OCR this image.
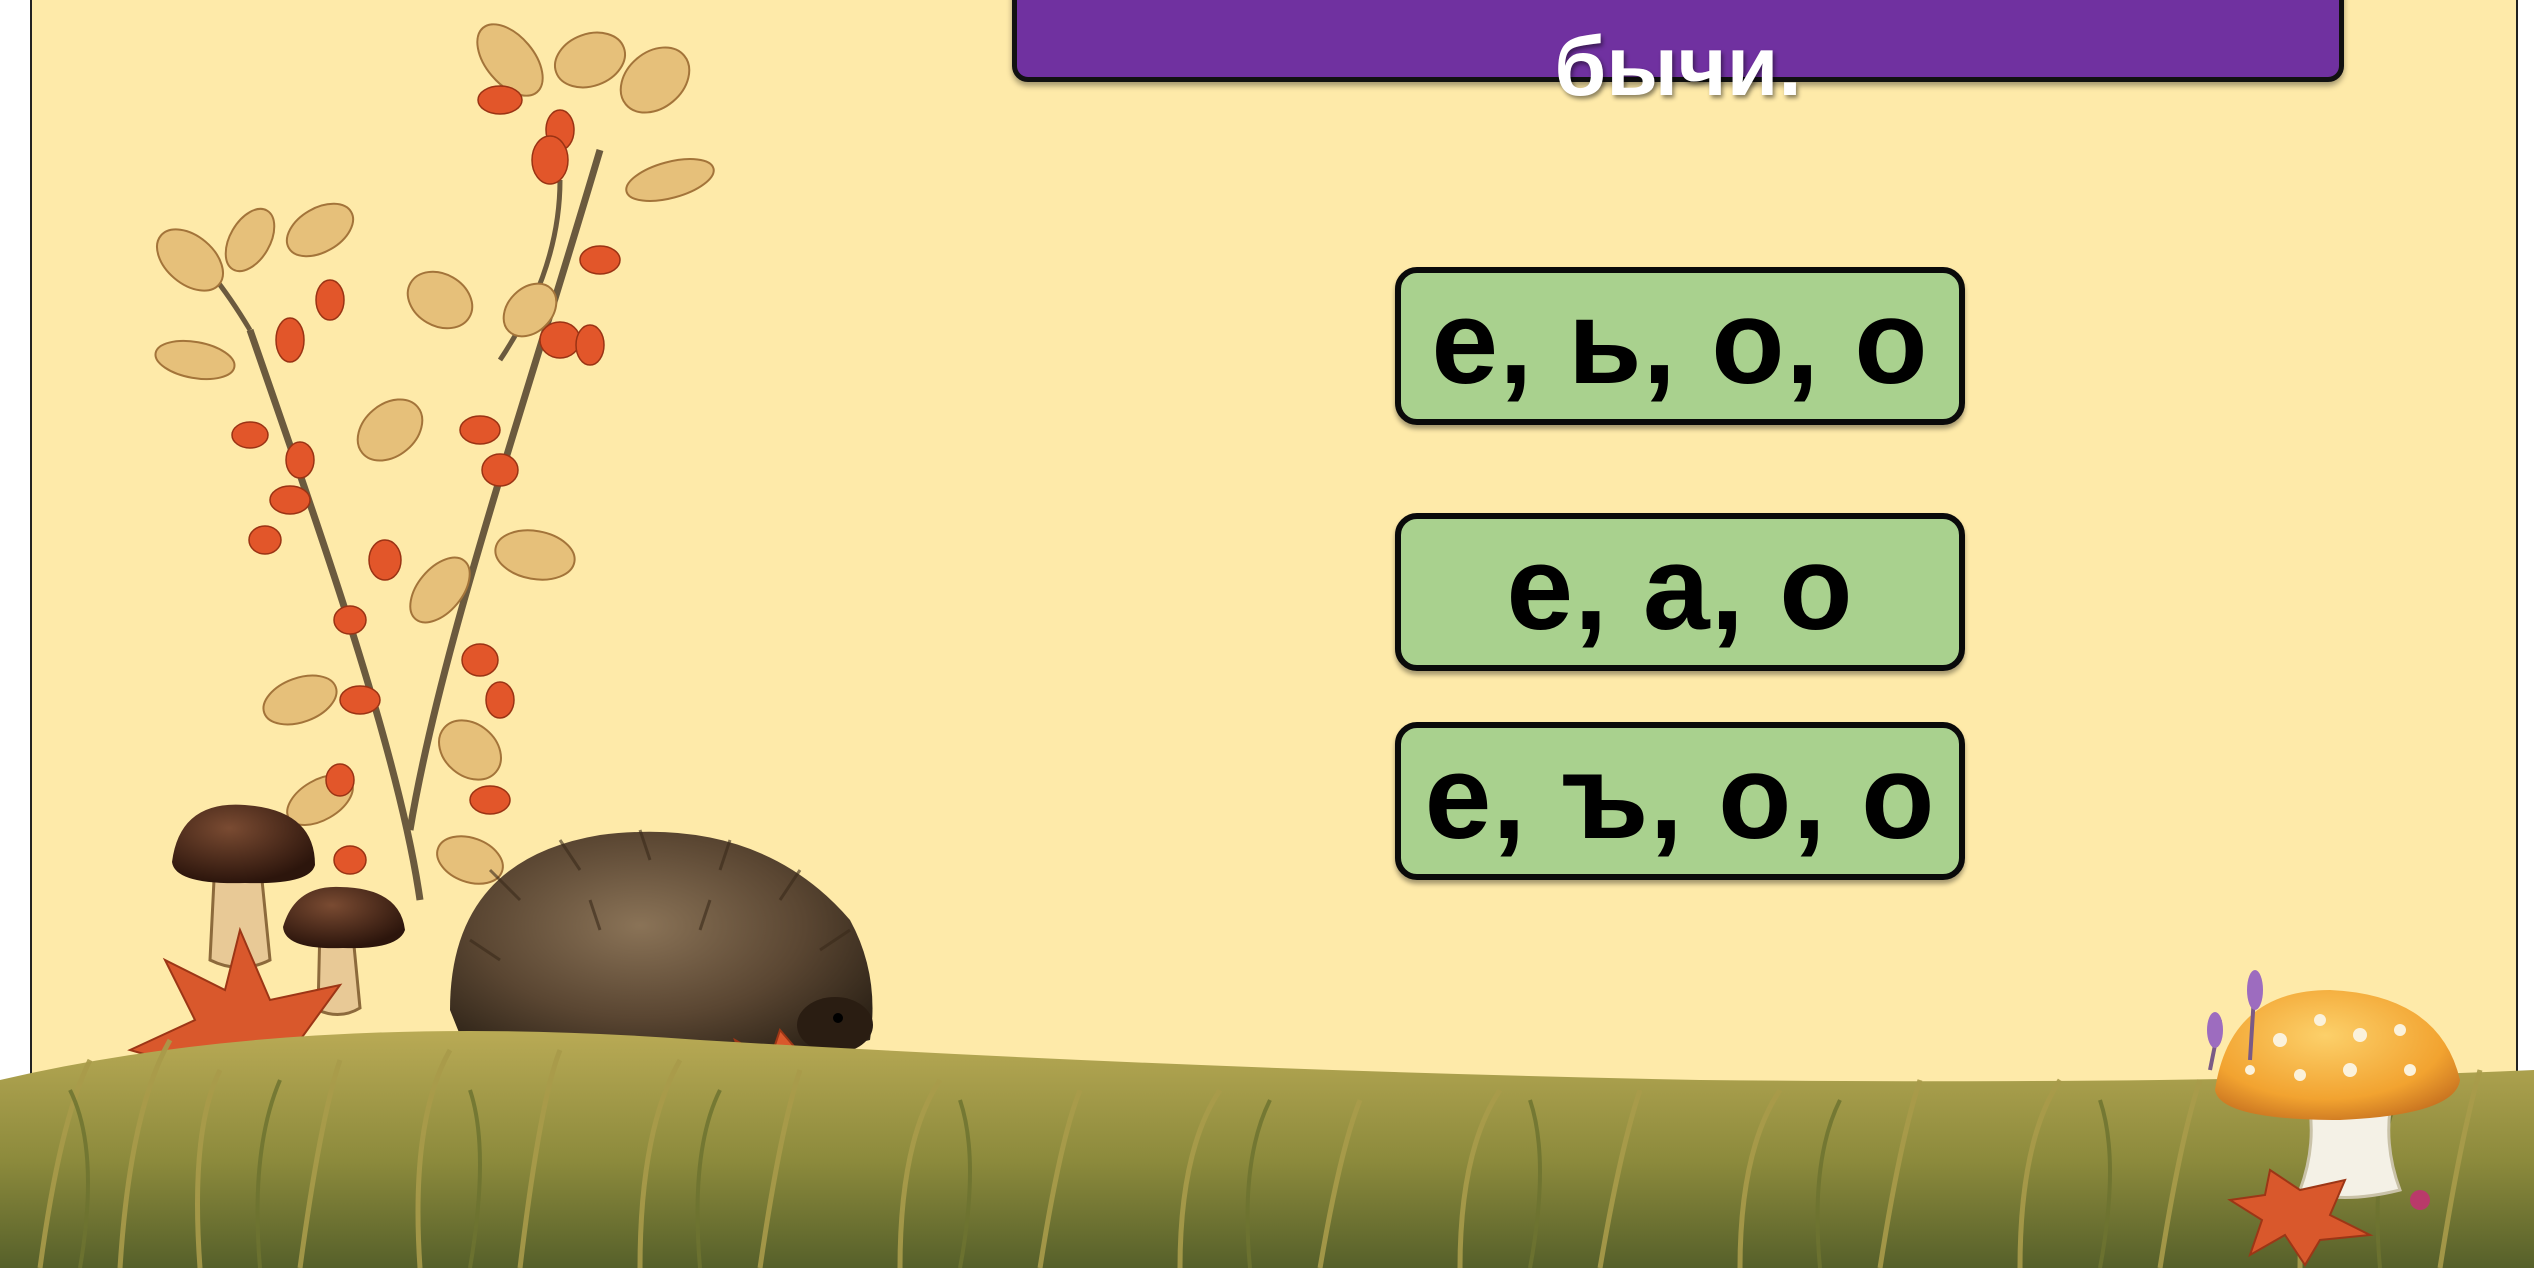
бычи.
е, ь, о, о
е, а, о
е, ъ, о, о
